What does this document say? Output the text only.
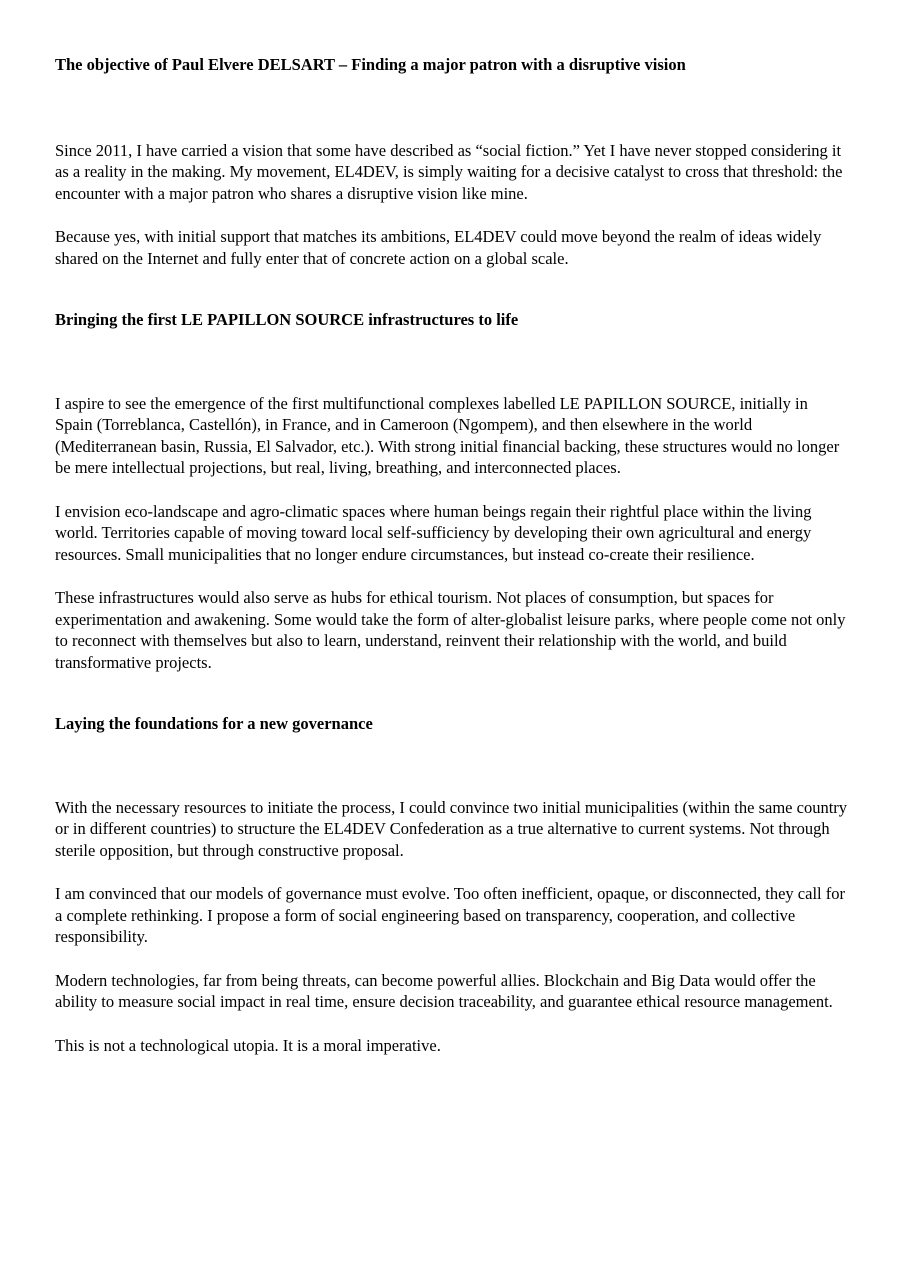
The objective of Paul Elvere DELSART – Finding a major patron with a disruptive vision

Since 2011, I have carried a vision that some have described as “social fiction.” Yet I have never stopped considering it as a reality in the making. My movement, EL4DEV, is simply waiting for a decisive catalyst to cross that threshold: the encounter with a major patron who shares a disruptive vision like mine.

Because yes, with initial support that matches its ambitions, EL4DEV could move beyond the realm of ideas widely shared on the Internet and fully enter that of concrete action on a global scale.

Bringing the first LE PAPILLON SOURCE infrastructures to life

I aspire to see the emergence of the first multifunctional complexes labelled LE PAPILLON SOURCE, initially in Spain (Torreblanca, Castellón), in France, and in Cameroon (Ngompem), and then elsewhere in the world (Mediterranean basin, Russia, El Salvador, etc.). With strong initial financial backing, these structures would no longer be mere intellectual projections, but real, living, breathing, and interconnected places.

I envision eco-landscape and agro-climatic spaces where human beings regain their rightful place within the living world. Territories capable of moving toward local self-sufficiency by developing their own agricultural and energy resources. Small municipalities that no longer endure circumstances, but instead co-create their resilience.

These infrastructures would also serve as hubs for ethical tourism. Not places of consumption, but spaces for experimentation and awakening. Some would take the form of alter-globalist leisure parks, where people come not only to reconnect with themselves but also to learn, understand, reinvent their relationship with the world, and build transformative projects.

Laying the foundations for a new governance

With the necessary resources to initiate the process, I could convince two initial municipalities (within the same country or in different countries) to structure the EL4DEV Confederation as a true alternative to current systems. Not through sterile opposition, but through constructive proposal.

I am convinced that our models of governance must evolve. Too often inefficient, opaque, or disconnected, they call for a complete rethinking. I propose a form of social engineering based on transparency, cooperation, and collective responsibility.

Modern technologies, far from being threats, can become powerful allies. Blockchain and Big Data would offer the ability to measure social impact in real time, ensure decision traceability, and guarantee ethical resource management.

This is not a technological utopia. It is a moral imperative.
